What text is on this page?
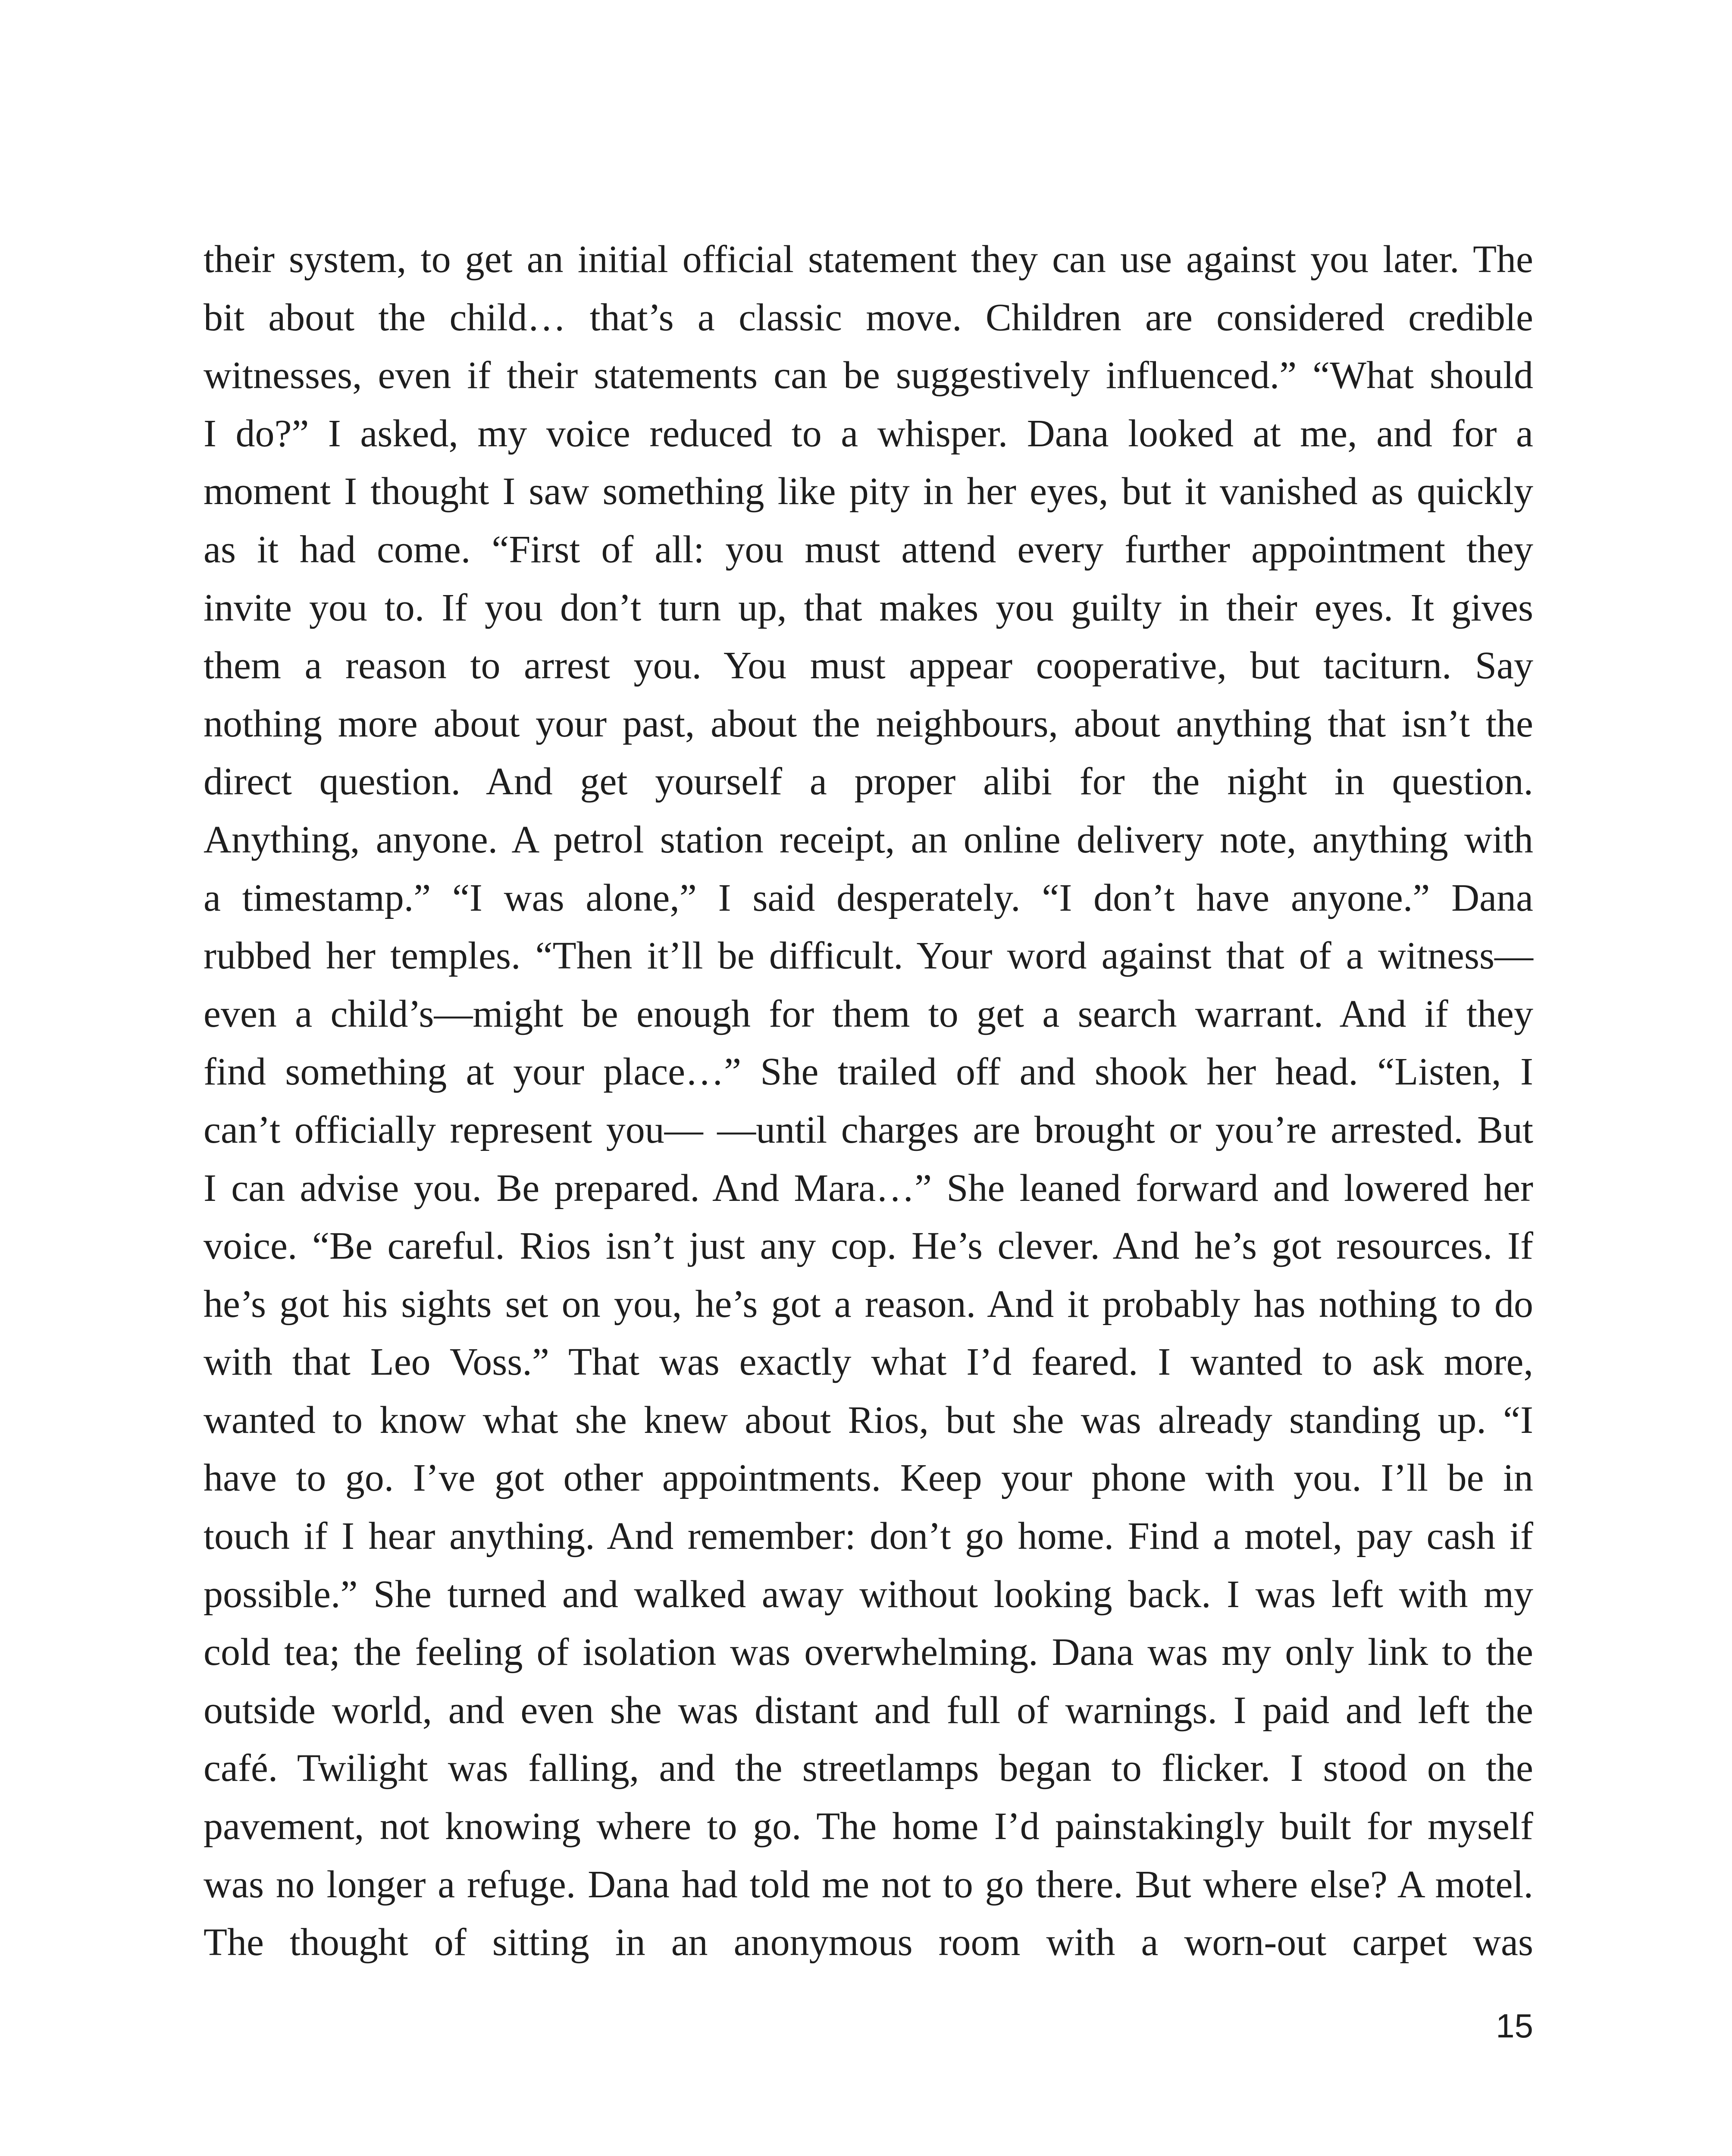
their system, to get an initial official statement they can use against you later. The
bit about the child… that’s a classic move. Children are considered credible
witnesses, even if their statements can be suggestively influenced.” “What should
I do?” I asked, my voice reduced to a whisper. Dana looked at me, and for a
moment I thought I saw something like pity in her eyes, but it vanished as quickly
as it had come. “First of all: you must attend every further appointment they
invite you to. If you don’t turn up, that makes you guilty in their eyes. It gives
them a reason to arrest you. You must appear cooperative, but taciturn. Say
nothing more about your past, about the neighbours, about anything that isn’t the
direct question. And get yourself a proper alibi for the night in question.
Anything, anyone. A petrol station receipt, an online delivery note, anything with
a timestamp.” “I was alone,” I said desperately. “I don’t have anyone.” Dana
rubbed her temples. “Then it’ll be difficult. Your word against that of a witness—
even a child’s—might be enough for them to get a search warrant. And if they
find something at your place…” She trailed off and shook her head. “Listen, I
can’t officially represent you— —until charges are brought or you’re arrested. But
I can advise you. Be prepared. And Mara…” She leaned forward and lowered her
voice. “Be careful. Rios isn’t just any cop. He’s clever. And he’s got resources. If
he’s got his sights set on you, he’s got a reason. And it probably has nothing to do
with that Leo Voss.” That was exactly what I’d feared. I wanted to ask more,
wanted to know what she knew about Rios, but she was already standing up. “I
have to go. I’ve got other appointments. Keep your phone with you. I’ll be in
touch if I hear anything. And remember: don’t go home. Find a motel, pay cash if
possible.” She turned and walked away without looking back. I was left with my
cold tea; the feeling of isolation was overwhelming. Dana was my only link to the
outside world, and even she was distant and full of warnings. I paid and left the
café. Twilight was falling, and the streetlamps began to flicker. I stood on the
pavement, not knowing where to go. The home I’d painstakingly built for myself
was no longer a refuge. Dana had told me not to go there. But where else? A motel.
The thought of sitting in an anonymous room with a worn-out carpet was
15
